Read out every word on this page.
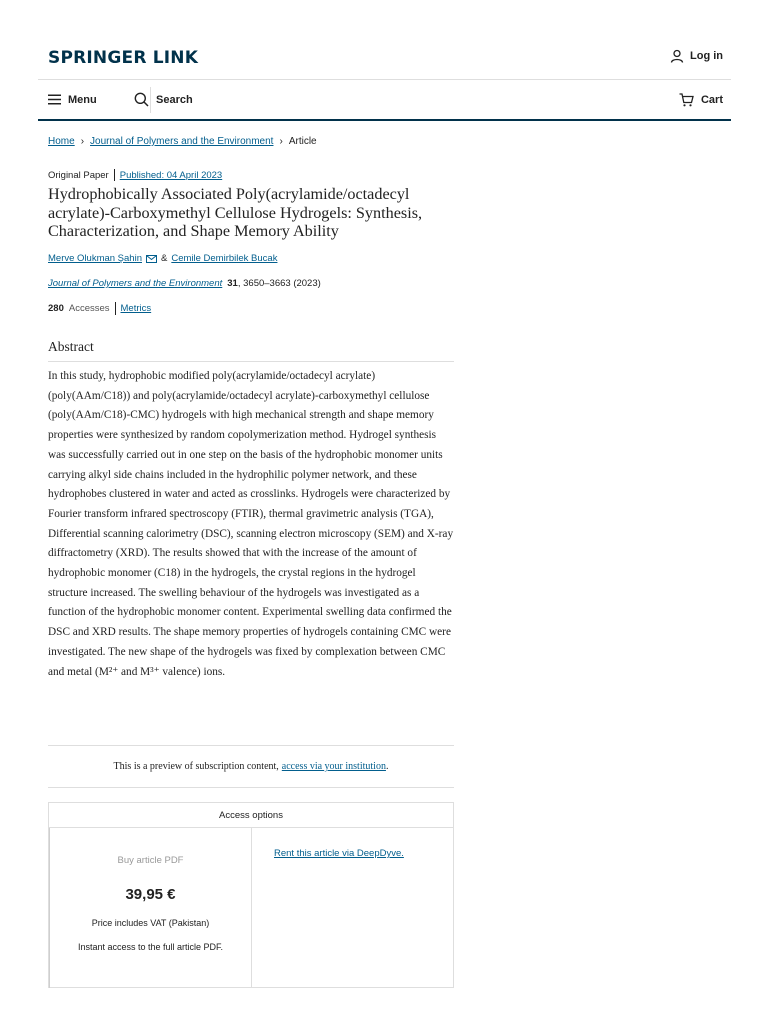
SPRINGER LINK	Log in
Menu	Search	Cart
Home › Journal of Polymers and the Environment › Article
Original Paper Published: 04 April 2023
Hydrophobically Associated Poly(acrylamide/octadecyl acrylate)-Carboxymethyl Cellulose Hydrogels: Synthesis, Characterization, and Shape Memory Ability
Merve Olukman Şahin & Cemile Demirbilek Bucak
Journal of Polymers and the Environment 31, 3650–3663 (2023)
280 Accesses Metrics
Abstract

In this study, hydrophobic modified poly(acrylamide/octadecyl acrylate) (poly(AAm/C18)) and poly(acrylamide/octadecyl acrylate)-carboxymethyl cellulose (poly(AAm/C18)-CMC) hydrogels with high mechanical strength and shape memory properties were synthesized by random copolymerization method. Hydrogel synthesis was successfully carried out in one step on the basis of the hydrophobic monomer units carrying alkyl side chains included in the hydrophilic polymer network, and these hydrophobes clustered in water and acted as crosslinks. Hydrogels were characterized by Fourier transform infrared spectroscopy (FTIR), thermal gravimetric analysis (TGA), Differential scanning calorimetry (DSC), scanning electron microscopy (SEM) and X-ray diffractometry (XRD). The results showed that with the increase of the amount of hydrophobic monomer (C18) in the hydrogels, the crystal regions in the hydrogel structure increased. The swelling behaviour of the hydrogels was investigated as a function of the hydrophobic monomer content. Experimental swelling data confirmed the DSC and XRD results. The shape memory properties of hydrogels containing CMC were investigated. The new shape of the hydrogels was fixed by complexation between CMC and metal (M²⁺ and M³⁺ valence) ions.

This is a preview of subscription content, access via your institution .
Access options
Buy article PDF
39,95 €
Price includes VAT (Pakistan)
Instant access to the full article PDF.
Rent this article via DeepDyve.
